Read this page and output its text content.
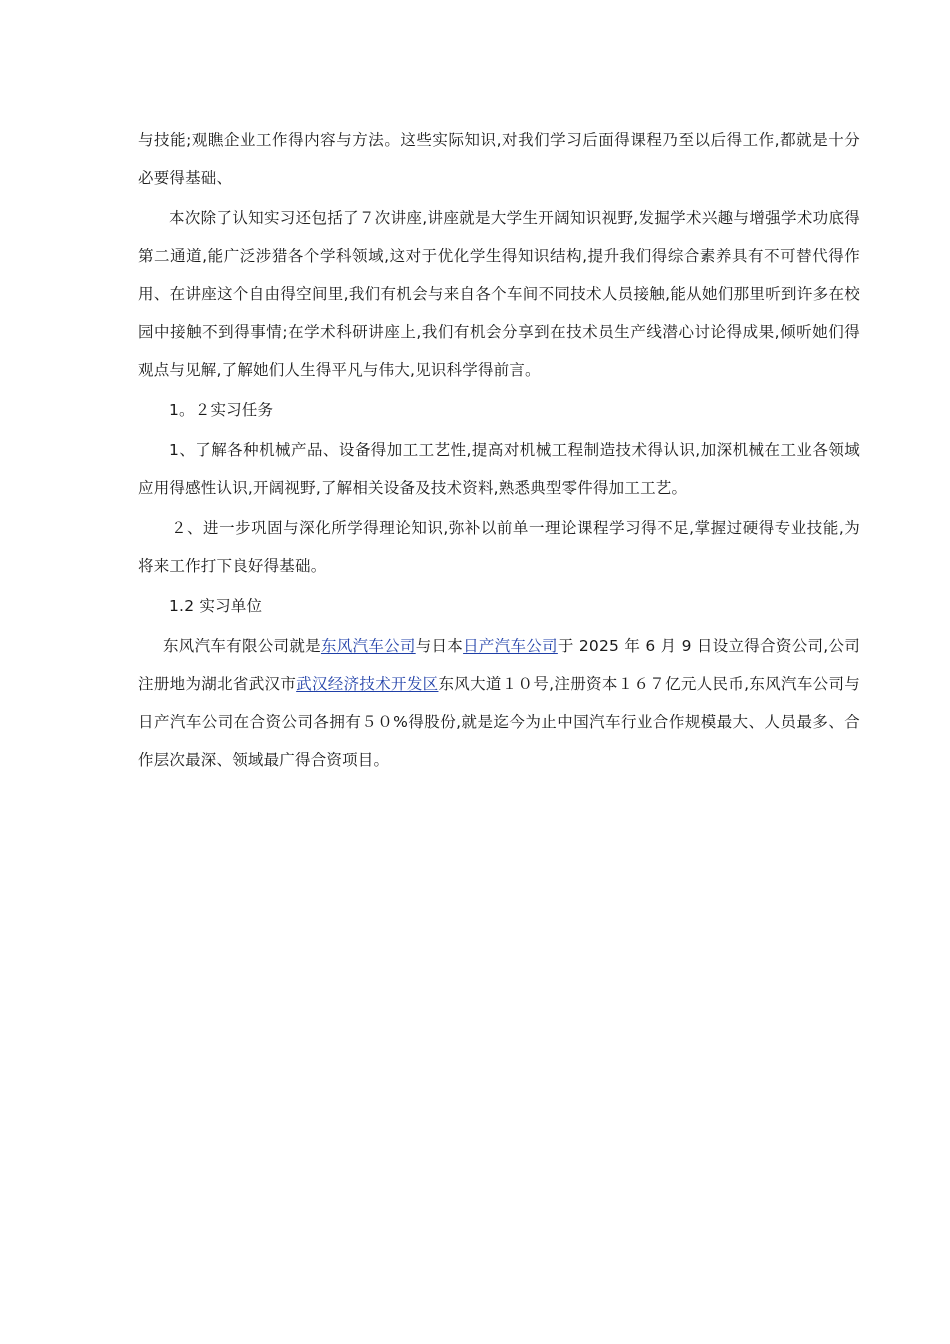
与技能;观瞧企业工作得内容与方法。这些实际知识,对我们学习后面得课程乃至以后得工作,都就是十分必要得基础、

本次除了认知实习还包括了７次讲座,讲座就是大学生开阔知识视野,发掘学术兴趣与增强学术功底得第二通道,能广泛涉猎各个学科领域,这对于优化学生得知识结构,提升我们得综合素养具有不可替代得作用、在讲座这个自由得空间里,我们有机会与来自各个车间不同技术人员接触,能从她们那里听到许多在校园中接触不到得事情;在学术科研讲座上,我们有机会分享到在技术员生产线潜心讨论得成果,倾听她们得观点与见解,了解她们人生得平凡与伟大,见识科学得前言。

1。２实习任务

1、了解各种机械产品、设备得加工工艺性,提高对机械工程制造技术得认识,加深机械在工业各领域应用得感性认识,开阔视野,了解相关设备及技术资料,熟悉典型零件得加工工艺。

２、进一步巩固与深化所学得理论知识,弥补以前单一理论课程学习得不足,掌握过硬得专业技能,为将来工作打下良好得基础。

1.2 实习单位

东风汽车有限公司就是东风汽车公司与日本日产汽车公司于 2025 年 6 月 9 日设立得合资公司,公司注册地为湖北省武汉市武汉经济技术开发区东风大道１０号,注册资本１６７亿元人民币,东风汽车公司与日产汽车公司在合资公司各拥有５０%得股份,就是迄今为止中国汽车行业合作规模最大、人员最多、合作层次最深、领域最广得合资项目。
